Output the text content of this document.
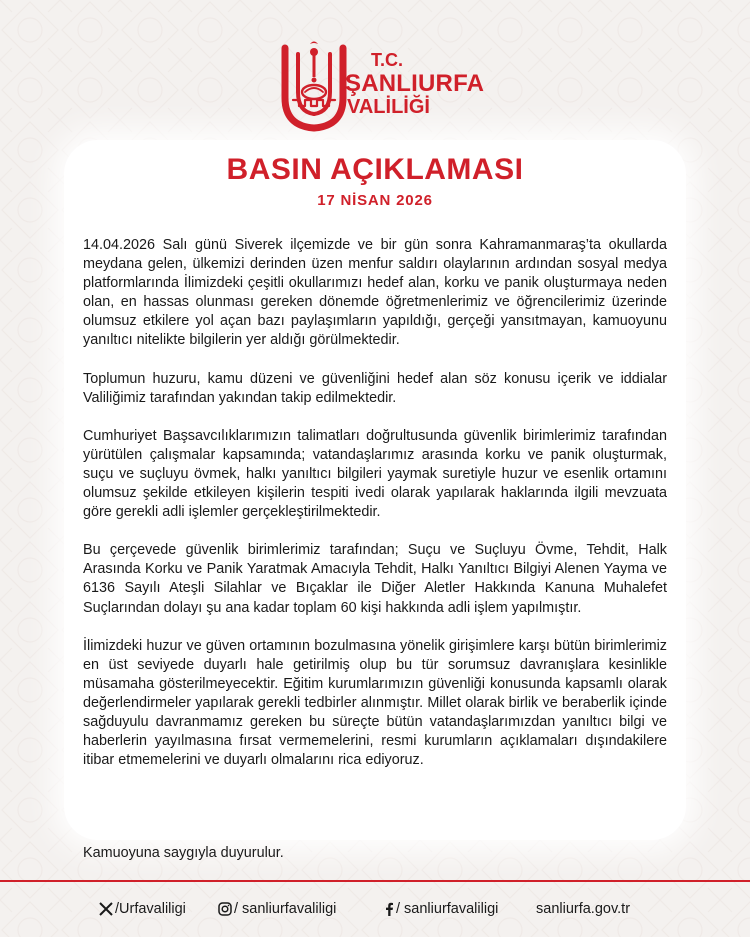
T.C.
ŞANLIURFA
VALİLİĞİ
BASIN AÇIKLAMASI
17 NİSAN 2026

14.04.2026 Salı günü Siverek ilçemizde ve bir gün sonra Kahramanmaraş’ta okullarda meydana gelen, ülkemizi derinden üzen menfur saldırı olaylarının ardından sosyal medya platformlarında İlimizdeki çeşitli okullarımızı hedef alan, korku ve panik oluşturmaya neden olan, en hassas olunması gereken dönemde öğretmenlerimiz ve öğrencilerimiz üzerinde olumsuz etkilere yol açan bazı paylaşımların yapıldığı, gerçeği yansıtmayan, kamuoyunu yanıltıcı nitelikte bilgilerin yer aldığı görülmektedir.

Toplumun huzuru, kamu düzeni ve güvenliğini hedef alan söz konusu içerik ve iddialar Valiliğimiz tarafından yakından takip edilmektedir.

Cumhuriyet Başsavcılıklarımızın talimatları doğrultusunda güvenlik birimlerimiz tarafından yürütülen çalışmalar kapsamında; vatandaşlarımız arasında korku ve panik oluşturmak, suçu ve suçluyu övmek, halkı yanıltıcı bilgileri yaymak suretiyle huzur ve esenlik ortamını olumsuz şekilde etkileyen kişilerin tespiti ivedi olarak yapılarak haklarında ilgili mevzuata göre gerekli adli işlemler gerçekleştirilmektedir.

Bu çerçevede güvenlik birimlerimiz tarafından; Suçu ve Suçluyu Övme, Tehdit, Halk Arasında Korku ve Panik Yaratmak Amacıyla Tehdit, Halkı Yanıltıcı Bilgiyi Alenen Yayma ve 6136 Sayılı Ateşli Silahlar ve Bıçaklar ile Diğer Aletler Hakkında Kanuna Muhalefet Suçlarından dolayı şu ana kadar toplam 60 kişi hakkında adli işlem yapılmıştır.

İlimizdeki huzur ve güven ortamının bozulmasına yönelik girişimlere karşı bütün birimlerimiz en üst seviyede duyarlı hale getirilmiş olup bu tür sorumsuz davranışlara kesinlikle müsamaha gösterilmeyecektir. Eğitim kurumlarımızın güvenliği konusunda kapsamlı olarak değerlendirmeler yapılarak gerekli tedbirler alınmıştır. Millet olarak birlik ve beraberlik içinde sağduyulu davranmamız gereken bu süreçte bütün vatandaşlarımızdan yanıltıcı bilgi ve haberlerin yayılmasına fırsat vermemelerini, resmi kurumların açıklamaları dışındakilere itibar etmemelerini ve duyarlı olmalarını rica ediyoruz.

Kamuoyuna saygıyla duyurulur.
/Urfavaliligi	/ sanliurfavaliligi	/ sanliurfavaliligi	sanliurfa.gov.tr
